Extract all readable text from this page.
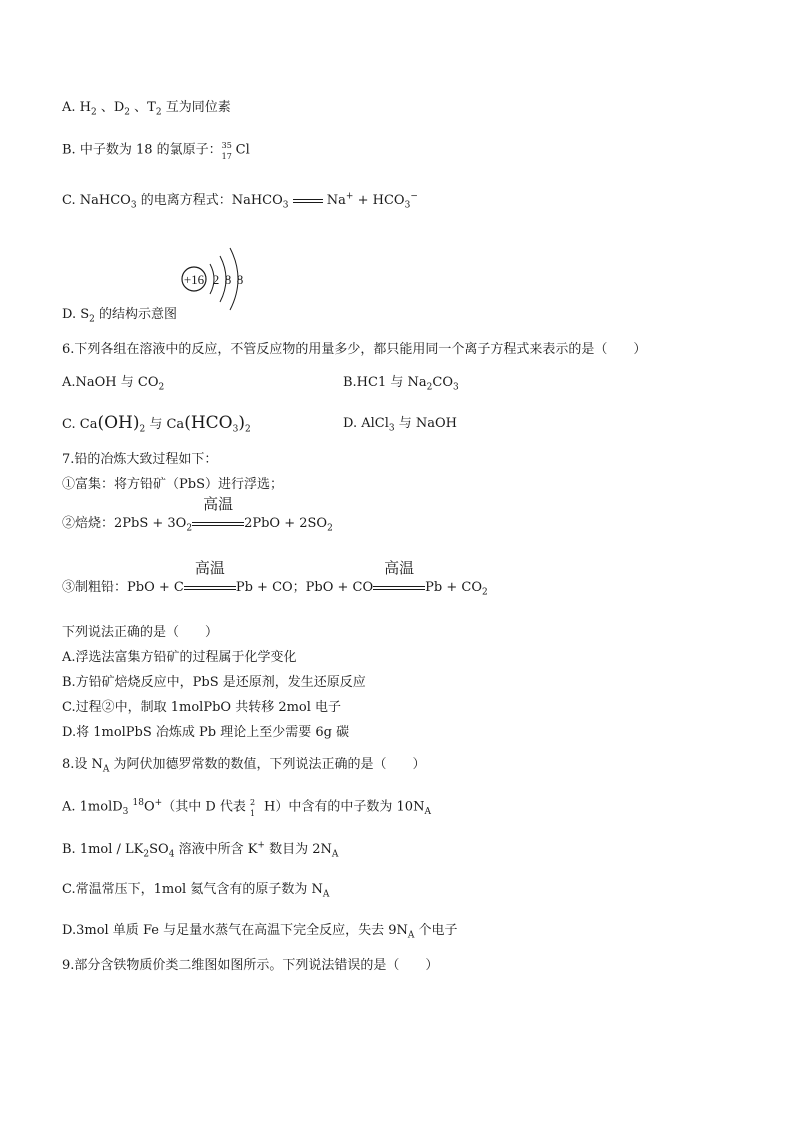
A. $H_2$ 、$D_2$ 、$T_2$ 互为同位素
B. 中子数为 18 的氯原子： 35
17 Cl
C. NaHCO$_3$ 的电离方程式：NaHCO$_3$	$Na^+ + HCO_3^-$
+16 2 8 8
D. $S_2$ 的结构示意图
6.下列各组在溶液中的反应，不管反应物的用量多少，都只能用同一个离子方程式来表示的是（　　）
A.NaOH 与 $CO_2$	B.HC1 与 $Na_2CO_3$
C. $Ca(OH)_2$ 与 $Ca(HCO_3)_2$	D. AlCl$_3$ 与 NaOH
7.铅的冶炼大致过程如下：
①富集：将方铅矿（PbS）进行浮选；
②焙烧：$2PbS + 3O_2$
高温
$2PbO + 2SO_2$
③制粗铅：PbO + C
高温
Pb + CO；PbO + CO
高温
$Pb + CO_2$
下列说法正确的是（　　）
A.浮选法富集方铅矿的过程属于化学变化
B.方铅矿焙烧反应中，PbS 是还原剂，发生还原反应
C.过程②中，制取 1molPbO 共转移 2mol 电子
D.将 1molPbS 冶炼成 Pb 理论上至少需要 6g 碳
8.设 $N_A$ 为阿伏加德罗常数的数值，下列说法正确的是（　　）
A. 1molD$_3$ $^{18}$O+（其中 D 代表 2
1 H）中含有的中子数为 $10N_A$
B. $1mol / LK_2SO_4$ 溶液中所含 K+ 数目为 $2N_A$
C.常温常压下，1mol 氦气含有的原子数为 $N_A$
D.3mol 单质 Fe 与足量水蒸气在高温下完全反应，失去 $9N_A$ 个电子
9.部分含铁物质价类二维图如图所示。下列说法错误的是（　　）
